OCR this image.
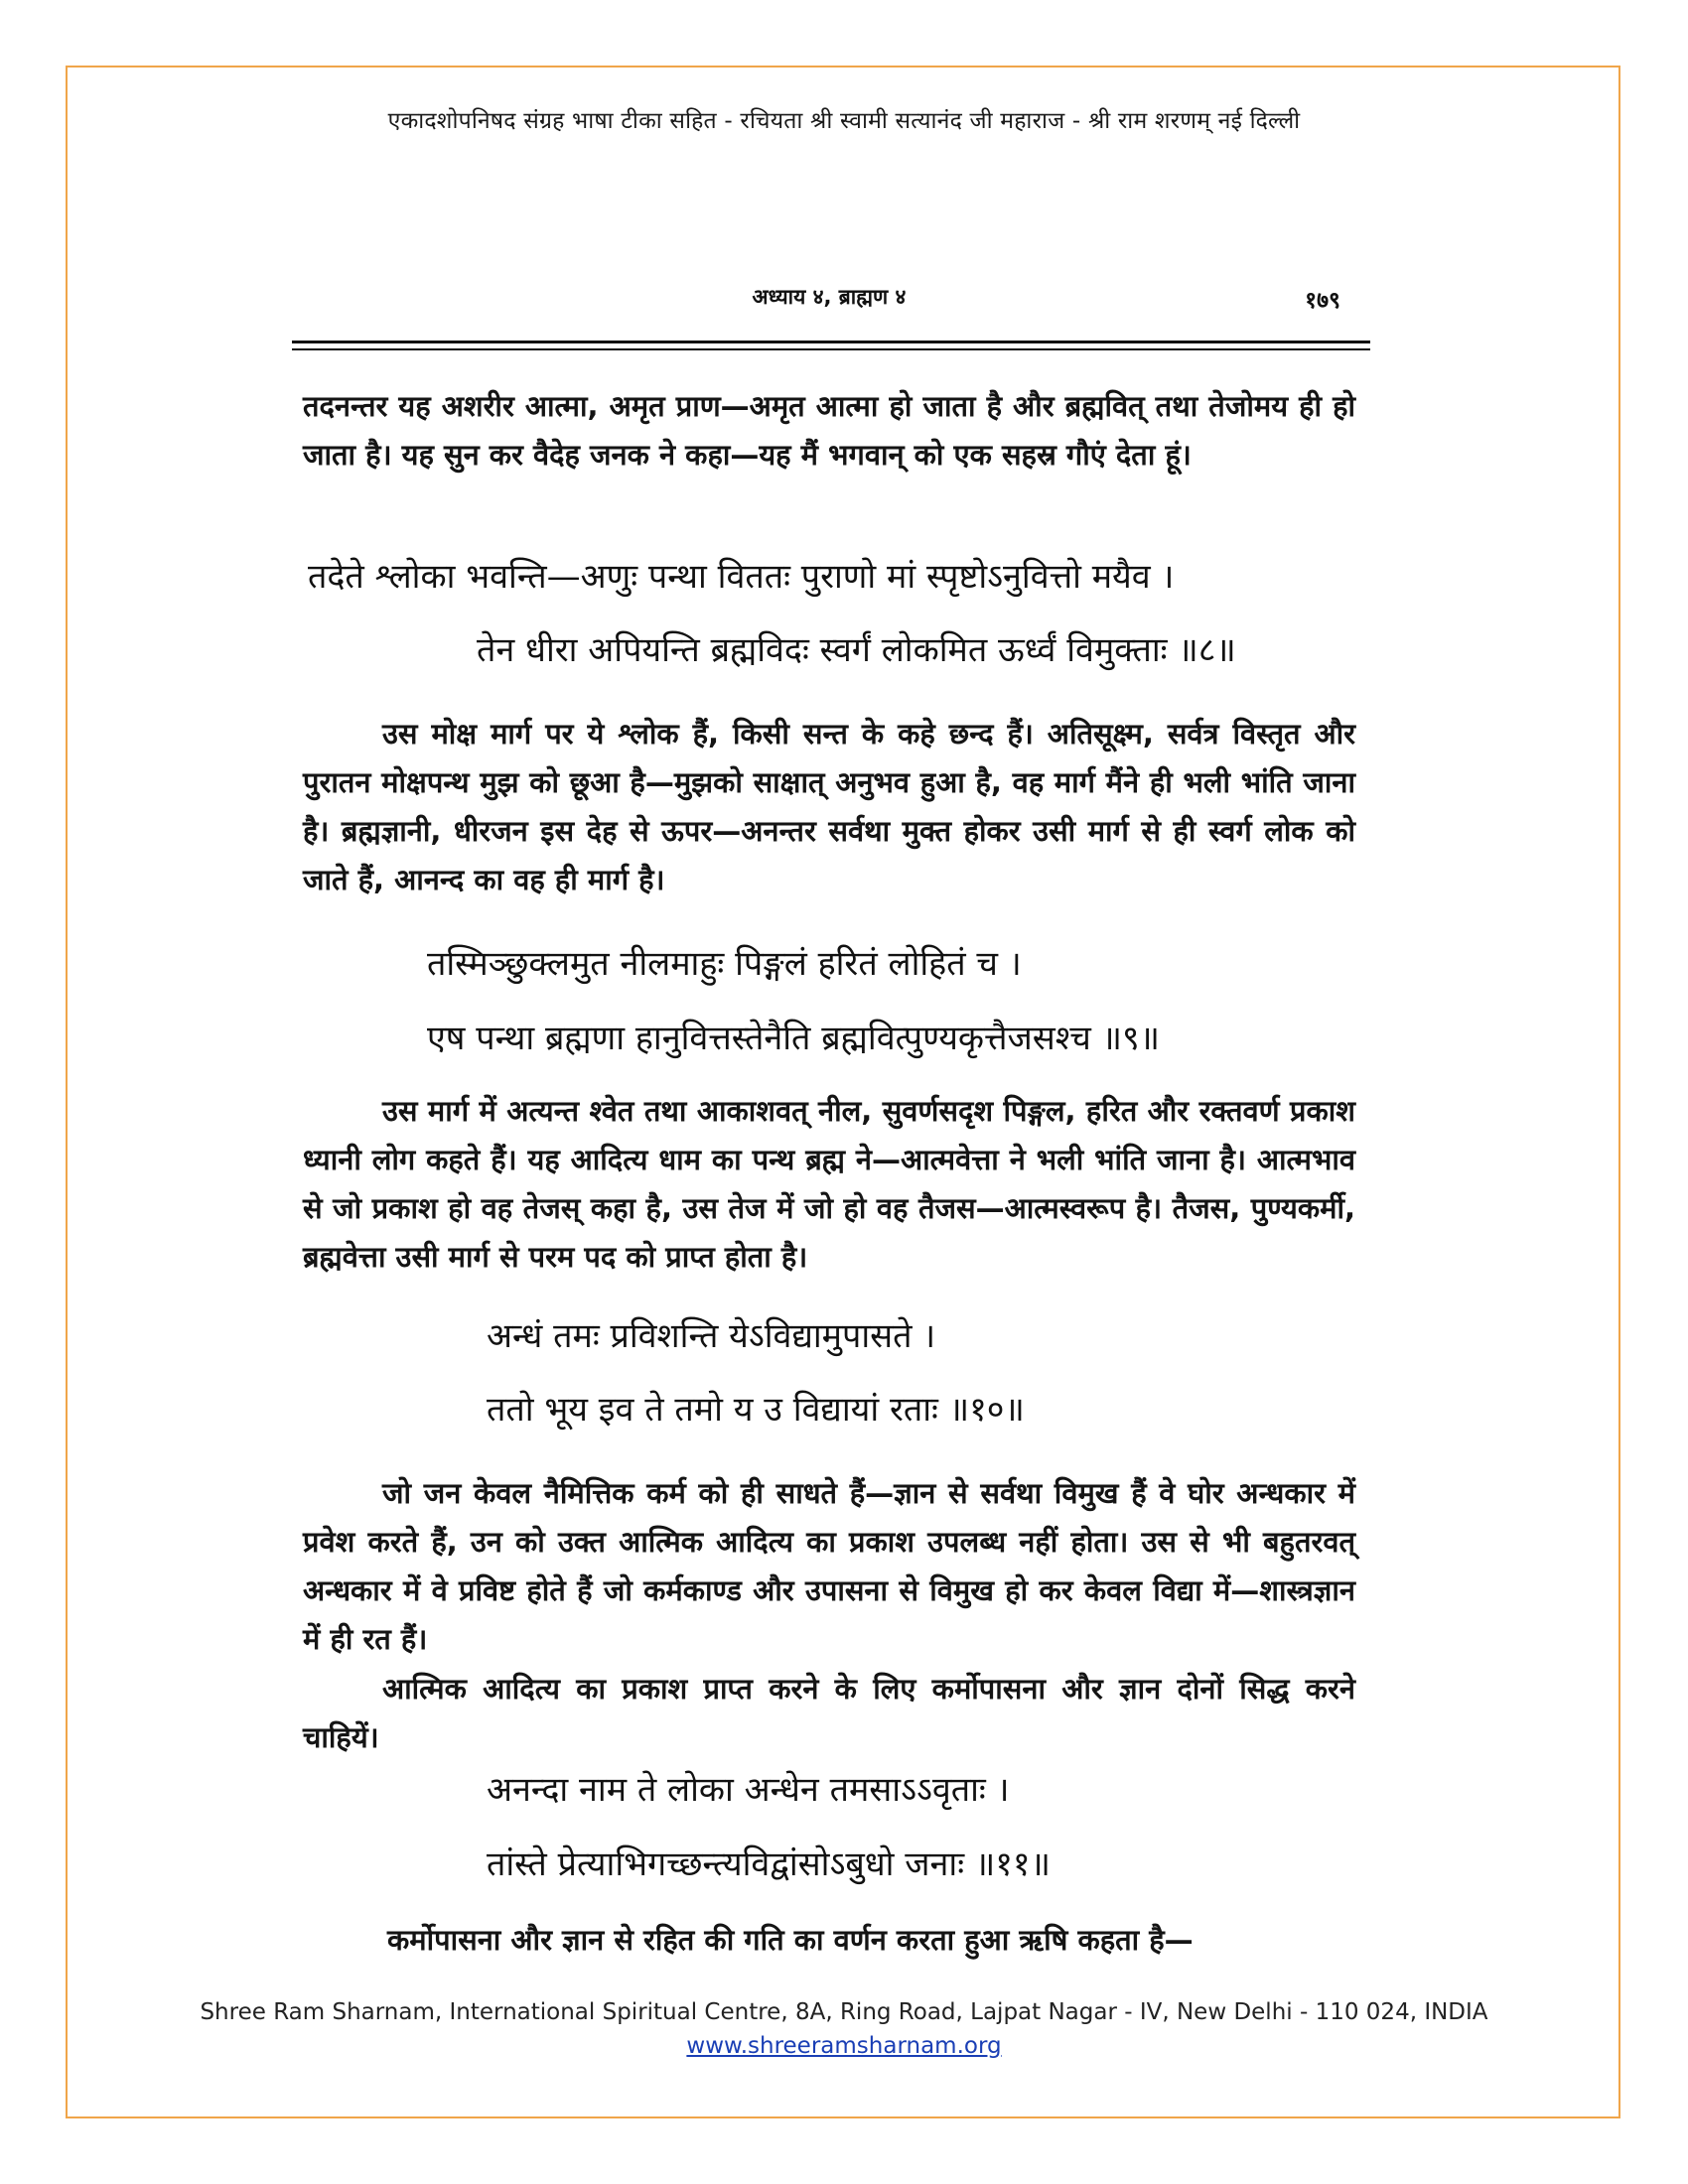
एकादशोपनिषद संग्रह भाषा टीका सहित - रचियता श्री स्वामी सत्यानंद जी महाराज - श्री राम शरणम् नई दिल्ली
अध्याय ४, ब्राह्मण ४	१७९
तदनन्तर यह अशरीर आत्मा, अमृत प्राण—अमृत आत्मा हो जाता है और ब्रह्मवित् तथा तेजोमय ही हो जाता है। यह सुन कर वैदेह जनक ने कहा—यह मैं भगवान् को एक सहस्र गौएं देता हूं।
तदेते श्लोका भवन्ति—अणुः पन्था विततः पुराणो मां स्पृष्टोऽनुवित्तो मयैव ।
तेन धीरा अपियन्ति ब्रह्मविदः स्वर्गं लोकमित ऊर्ध्वं विमुक्ताः ॥८॥
उस मोक्ष मार्ग पर ये श्लोक हैं, किसी सन्त के कहे छन्द हैं। अतिसूक्ष्म, सर्वत्र विस्तृत और पुरातन मोक्षपन्थ मुझ को छूआ है—मुझको साक्षात् अनुभव हुआ है, वह मार्ग मैंने ही भली भांति जाना है। ब्रह्मज्ञानी, धीरजन इस देह से ऊपर—अनन्तर सर्वथा मुक्त होकर उसी मार्ग से ही स्वर्ग लोक को जाते हैं, आनन्द का वह ही मार्ग है।
तस्मिञ्छुक्लमुत नीलमाहुः पिङ्गलं हरितं लोहितं च ।
एष पन्था ब्रह्मणा हानुवित्तस्तेनैति ब्रह्मवित्पुण्यकृत्तैजसश्च ॥९॥
उस मार्ग में अत्यन्त श्वेत तथा आकाशवत् नील, सुवर्णसदृश पिङ्गल, हरित और रक्तवर्ण प्रकाश ध्यानी लोग कहते हैं। यह आदित्य धाम का पन्थ ब्रह्म ने—आत्मवेत्ता ने भली भांति जाना है। आत्मभाव से जो प्रकाश हो वह तेजस् कहा है, उस तेज में जो हो वह तैजस—आत्मस्वरूप है। तैजस, पुण्यकर्मी, ब्रह्मवेत्ता उसी मार्ग से परम पद को प्राप्त होता है।
अन्धं तमः प्रविशन्ति येऽविद्यामुपासते ।
ततो भूय इव ते तमो य उ विद्यायां रताः ॥१०॥
जो जन केवल नैमित्तिक कर्म को ही साधते हैं—ज्ञान से सर्वथा विमुख हैं वे घोर अन्धकार में प्रवेश करते हैं, उन को उक्त आत्मिक आदित्य का प्रकाश उपलब्ध नहीं होता। उस से भी बहुतरवत् अन्धकार में वे प्रविष्ट होते हैं जो कर्मकाण्ड और उपासना से विमुख हो कर केवल विद्या में—शास्त्रज्ञान में ही रत हैं।
आत्मिक आदित्य का प्रकाश प्राप्त करने के लिए कर्मोपासना और ज्ञान दोनों सिद्ध करने चाहियें।
अनन्दा नाम ते लोका अन्धेन तमसाऽऽवृताः ।
तांस्ते प्रेत्याभिगच्छन्त्यविद्वांसोऽबुधो जनाः ॥११॥
कर्मोपासना और ज्ञान से रहित की गति का वर्णन करता हुआ ऋषि कहता है—
Shree Ram Sharnam, International Spiritual Centre, 8A, Ring Road, Lajpat Nagar - IV, New Delhi - 110 024, INDIA
www.shreeramsharnam.org
